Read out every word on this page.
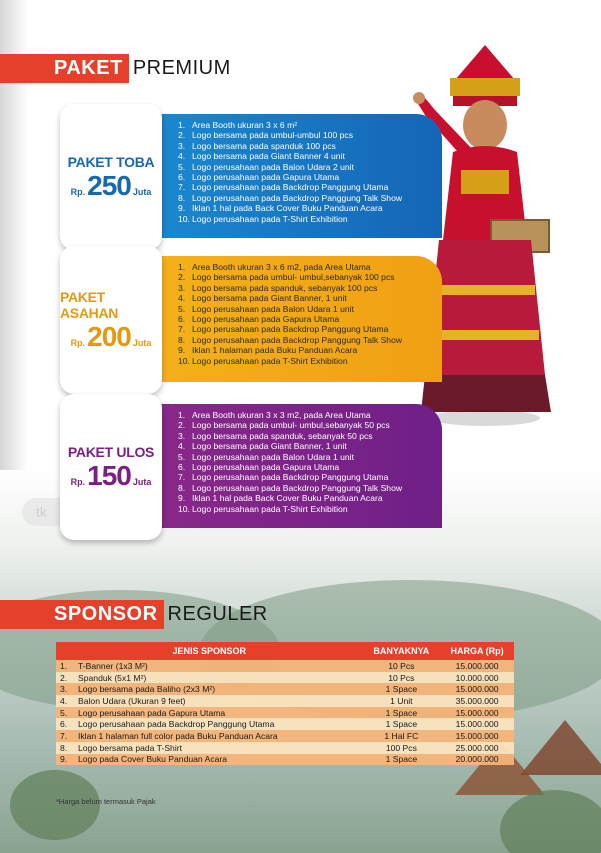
tk
PAKET PREMIUM
PAKET TOBA
Rp. 250 Juta
1. Area Booth ukuran 3 x 6 m²
2. Logo bersama pada umbul-umbul 100 pcs
3. Logo bersama pada spanduk 100 pcs
4. Logo bersama pada Giant Banner 4 unit
5. Logo perusahaan pada Balon Udara 2 unit
6. Logo perusahaan pada Gapura Utama
7. Logo perusahaan pada Backdrop Panggung Utama
8. Logo perusahaan pada Backdrop Panggung Talk Show
9. Iklan 1 hal pada Back Cover Buku Panduan Acara
10. Logo perusahaan pada T-Shirt Exhibition
PAKET ASAHAN
Rp. 200 Juta
1. Area Booth ukuran 3 x 6 m2, pada Area Utama
2. Logo bersama pada umbul- umbul,sebanyak 100 pcs
3. Logo bersama pada spanduk, sebanyak 100 pcs
4. Logo bersama pada Giant Banner, 1 unit
5. Logo perusahaan pada Balon Udara 1 unit
6. Logo perusahaan pada Gapura Utama
7. Logo perusahaan pada Backdrop Panggung Utama
8. Logo perusahaan pada Backdrop Panggung Talk Show
9. Iklan 1 halaman pada Buku Panduan Acara
10. Logo perusahaan pada T-Shirt Exhibition
PAKET ULOS
Rp. 150 Juta
1. Area Booth ukuran 3 x 3 m2, pada Area Utama
2. Logo bersama pada umbul- umbul,sebanyak 50 pcs
3. Logo bersama pada spanduk, sebanyak 50 pcs
4. Logo bersama pada Giant Banner, 1 unit
5. Logo perusahaan pada Balon Udara 1 unit
6. Logo perusahaan pada Gapura Utama
7. Logo perusahaan pada Backdrop Panggung Utama
8. Logo perusahaan pada Backdrop Panggung Talk Show
9. Iklan 1 hal pada Back Cover Buku Panduan Acara
10. Logo perusahaan pada T-Shirt Exhibition
SPONSOR REGULER
JENIS SPONSOR		BANYAKNYA	HARGA (Rp)
1.	T-Banner (1x3 M²)	10 Pcs	15.000.000
2.	Spanduk (5x1 M²)	10 Pcs	10.000.000
3.	Logo bersama pada Baliho (2x3 M²)	1 Space	15.000.000
4.	Balon Udara (Ukuran 9 feet)	1 Unit	35.000.000
5.	Logo perusahaan pada Gapura Utama	1 Space	15.000.000
6.	Logo perusahaan pada Backdrop Panggung Utama	1 Space	15.000.000
7.	Iklan 1 halaman full color pada Buku Panduan Acara	1 Hal FC	15.000.000
8.	Logo bersama pada T-Shirt	100 Pcs	25.000.000
9.	Logo pada Cover Buku Panduan Acara	1 Space	20.000.000
*Harga belum termasuk Pajak
